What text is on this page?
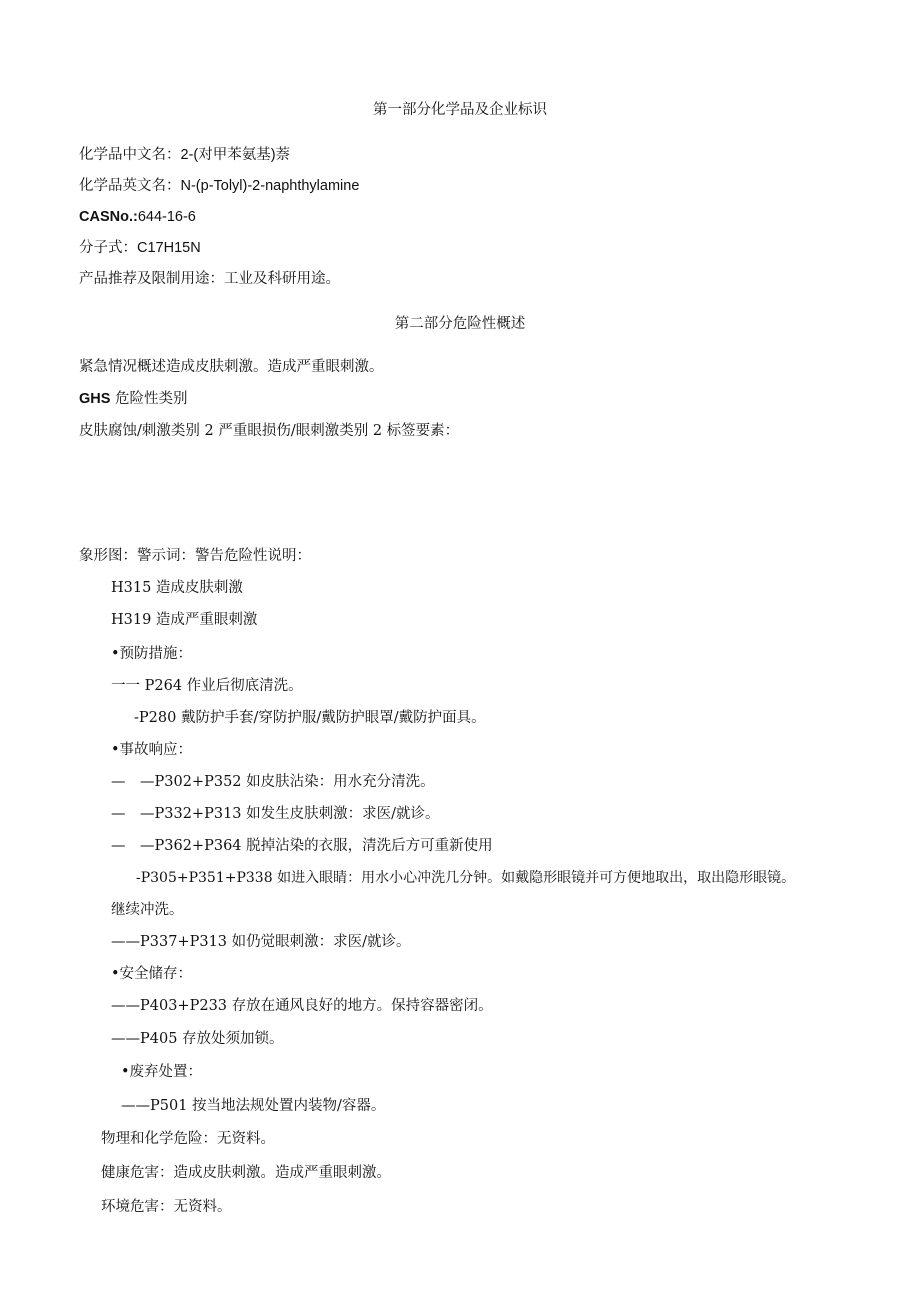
第一部分化学品及企业标识
化学品中文名：2-(对甲苯氨基)萘
化学品英文名：N-(p-Tolyl)-2-naphthylamine
CASNo.:644-16-6
分子式：C17H15N
产品推荐及限制用途：工业及科研用途。
第二部分危险性概述
紧急情况概述造成皮肤刺激。造成严重眼刺激。
GHS 危险性类别
皮肤腐蚀/刺激类别 2 严重眼损伤/眼刺激类别 2 标签要素：
象形图：警示词：警告危险性说明：
H315 造成皮肤刺激
H319 造成严重眼刺激
•预防措施：
一一 P264 作业后彻底清洗。
-P280 戴防护手套/穿防护服/戴防护眼罩/戴防护面具。
•事故响应：
— —P302+P352 如皮肤沾染：用水充分清洗。
— —P332+P313 如发生皮肤刺激：求医/就诊。
— —P362+P364 脱掉沾染的衣服，清洗后方可重新使用
-P305+P351+P338 如进入眼睛：用水小心冲洗几分钟。如戴隐形眼镜并可方便地取出，取出隐形眼镜。
继续冲洗。
——P337+P313 如仍觉眼刺激：求医/就诊。
•安全储存：
——P403+P233 存放在通风良好的地方。保持容器密闭。
——P405 存放处须加锁。
•废弃处置：
——P501 按当地法规处置内装物/容器。
物理和化学危险：无资料。
健康危害：造成皮肤刺激。造成严重眼刺激。
环境危害：无资料。
